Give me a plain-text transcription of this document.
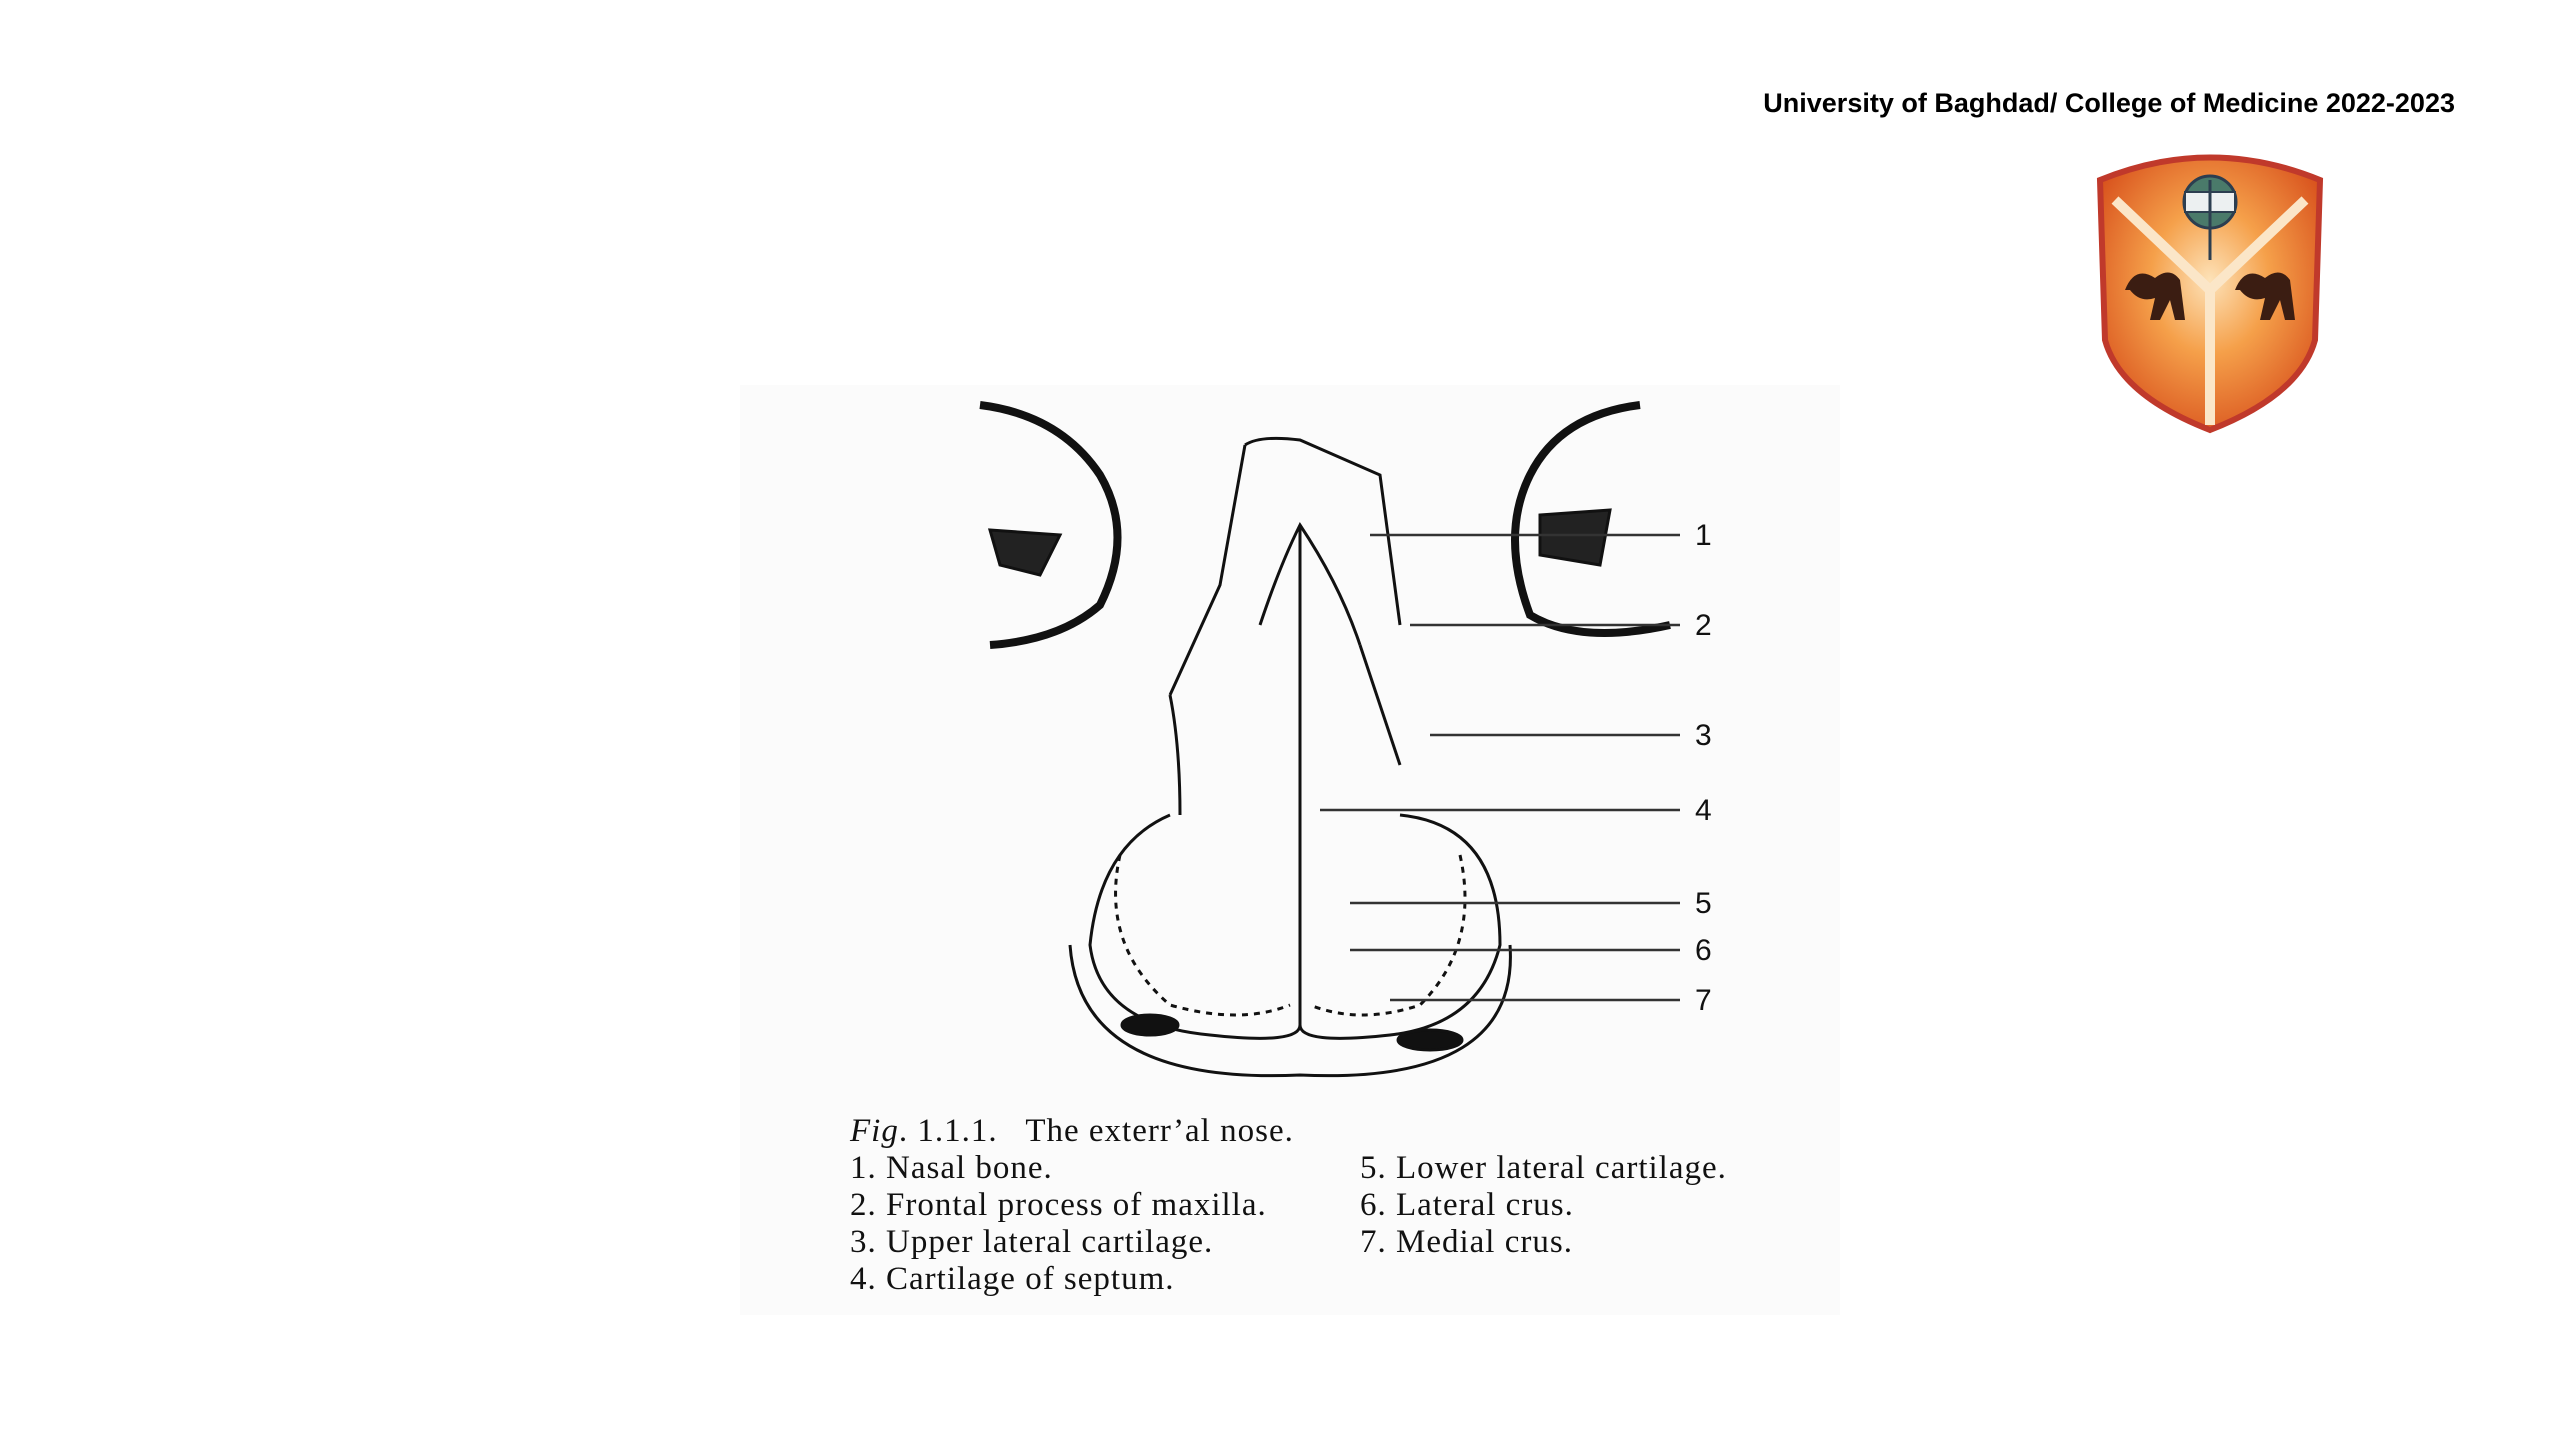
University of Baghdad/ College of Medicine 2022-2023
1
2
3
4
5
6
7
Fig. 1.1.1. The exterr’al nose.
1. Nasal bone.
2. Frontal process of maxilla.
3. Upper lateral cartilage.
4. Cartilage of septum.
5. Lower lateral cartilage.
6. Lateral crus.
7. Medial crus.
